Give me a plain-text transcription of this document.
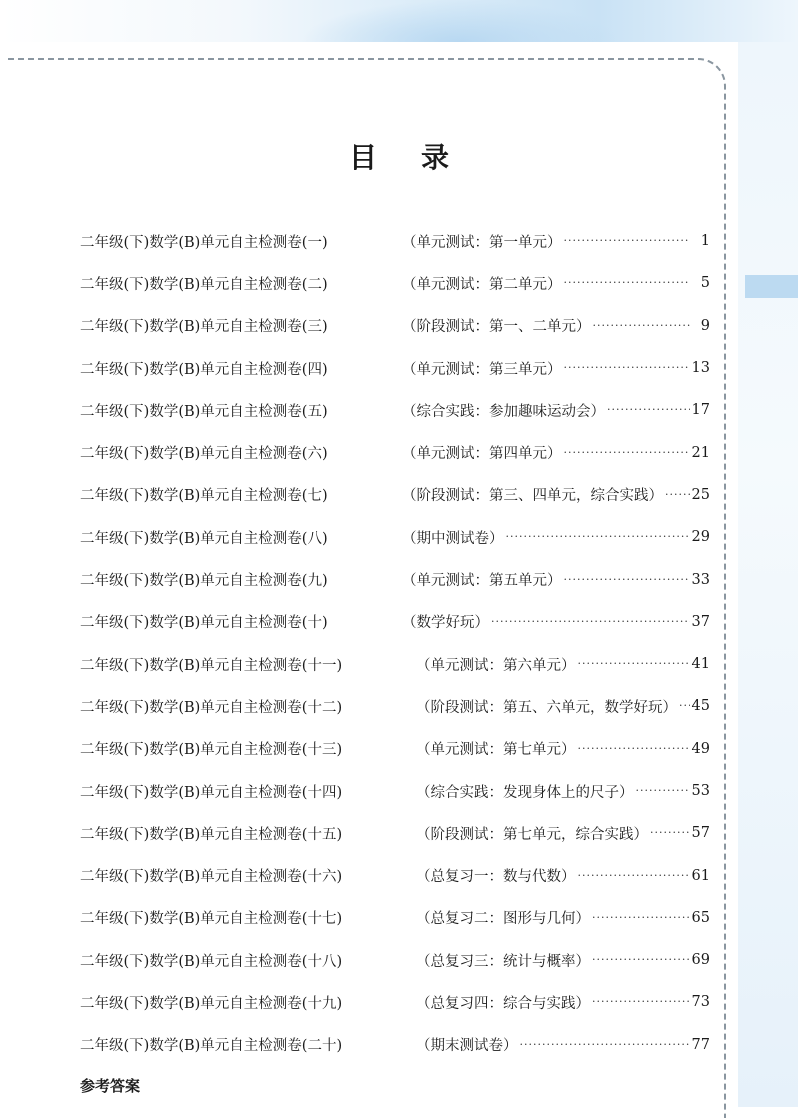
目录
二年级(下)数学(B)单元自主检测卷(一)	（单元测试：第一单元） ·····	1
二年级(下)数学(B)单元自主检测卷(二)	（单元测试：第二单元） ·····	5
二年级(下)数学(B)单元自主检测卷(三)	（阶段测试：第一、二单元） ·····	9
二年级(下)数学(B)单元自主检测卷(四)	（单元测试：第三单元） ·····	13
二年级(下)数学(B)单元自主检测卷(五)	（综合实践：参加趣味运动会） ·····	17
二年级(下)数学(B)单元自主检测卷(六)	（单元测试：第四单元） ·····	21
二年级(下)数学(B)单元自主检测卷(七)	（阶段测试：第三、四单元，综合实践） ····· 25
二年级(下)数学(B)单元自主检测卷(八)	（期中测试卷） ·····	29
二年级(下)数学(B)单元自主检测卷(九)	（单元测试：第五单元） ·····	33
二年级(下)数学(B)单元自主检测卷(十)	（数学好玩） ·····	37
二年级(下)数学(B)单元自主检测卷(十一)	（单元测试：第六单元） ·····	41
二年级(下)数学(B)单元自主检测卷(十二)	（阶段测试：第五、六单元，数学好玩） ····· 45
二年级(下)数学(B)单元自主检测卷(十三)	（单元测试：第七单元） ·····	49
二年级(下)数学(B)单元自主检测卷(十四)	（综合实践：发现身体上的尺子） ·····	53
二年级(下)数学(B)单元自主检测卷(十五)	（阶段测试：第七单元，综合实践） ·····	57
二年级(下)数学(B)单元自主检测卷(十六)	（总复习一：数与代数） ·····	61
二年级(下)数学(B)单元自主检测卷(十七)	（总复习二：图形与几何） ·····	65
二年级(下)数学(B)单元自主检测卷(十八)	（总复习三：统计与概率） ·····	69
二年级(下)数学(B)单元自主检测卷(十九)	（总复习四：综合与实践） ·····	73
二年级(下)数学(B)单元自主检测卷(二十)	（期末测试卷） ·····	77
参考答案
